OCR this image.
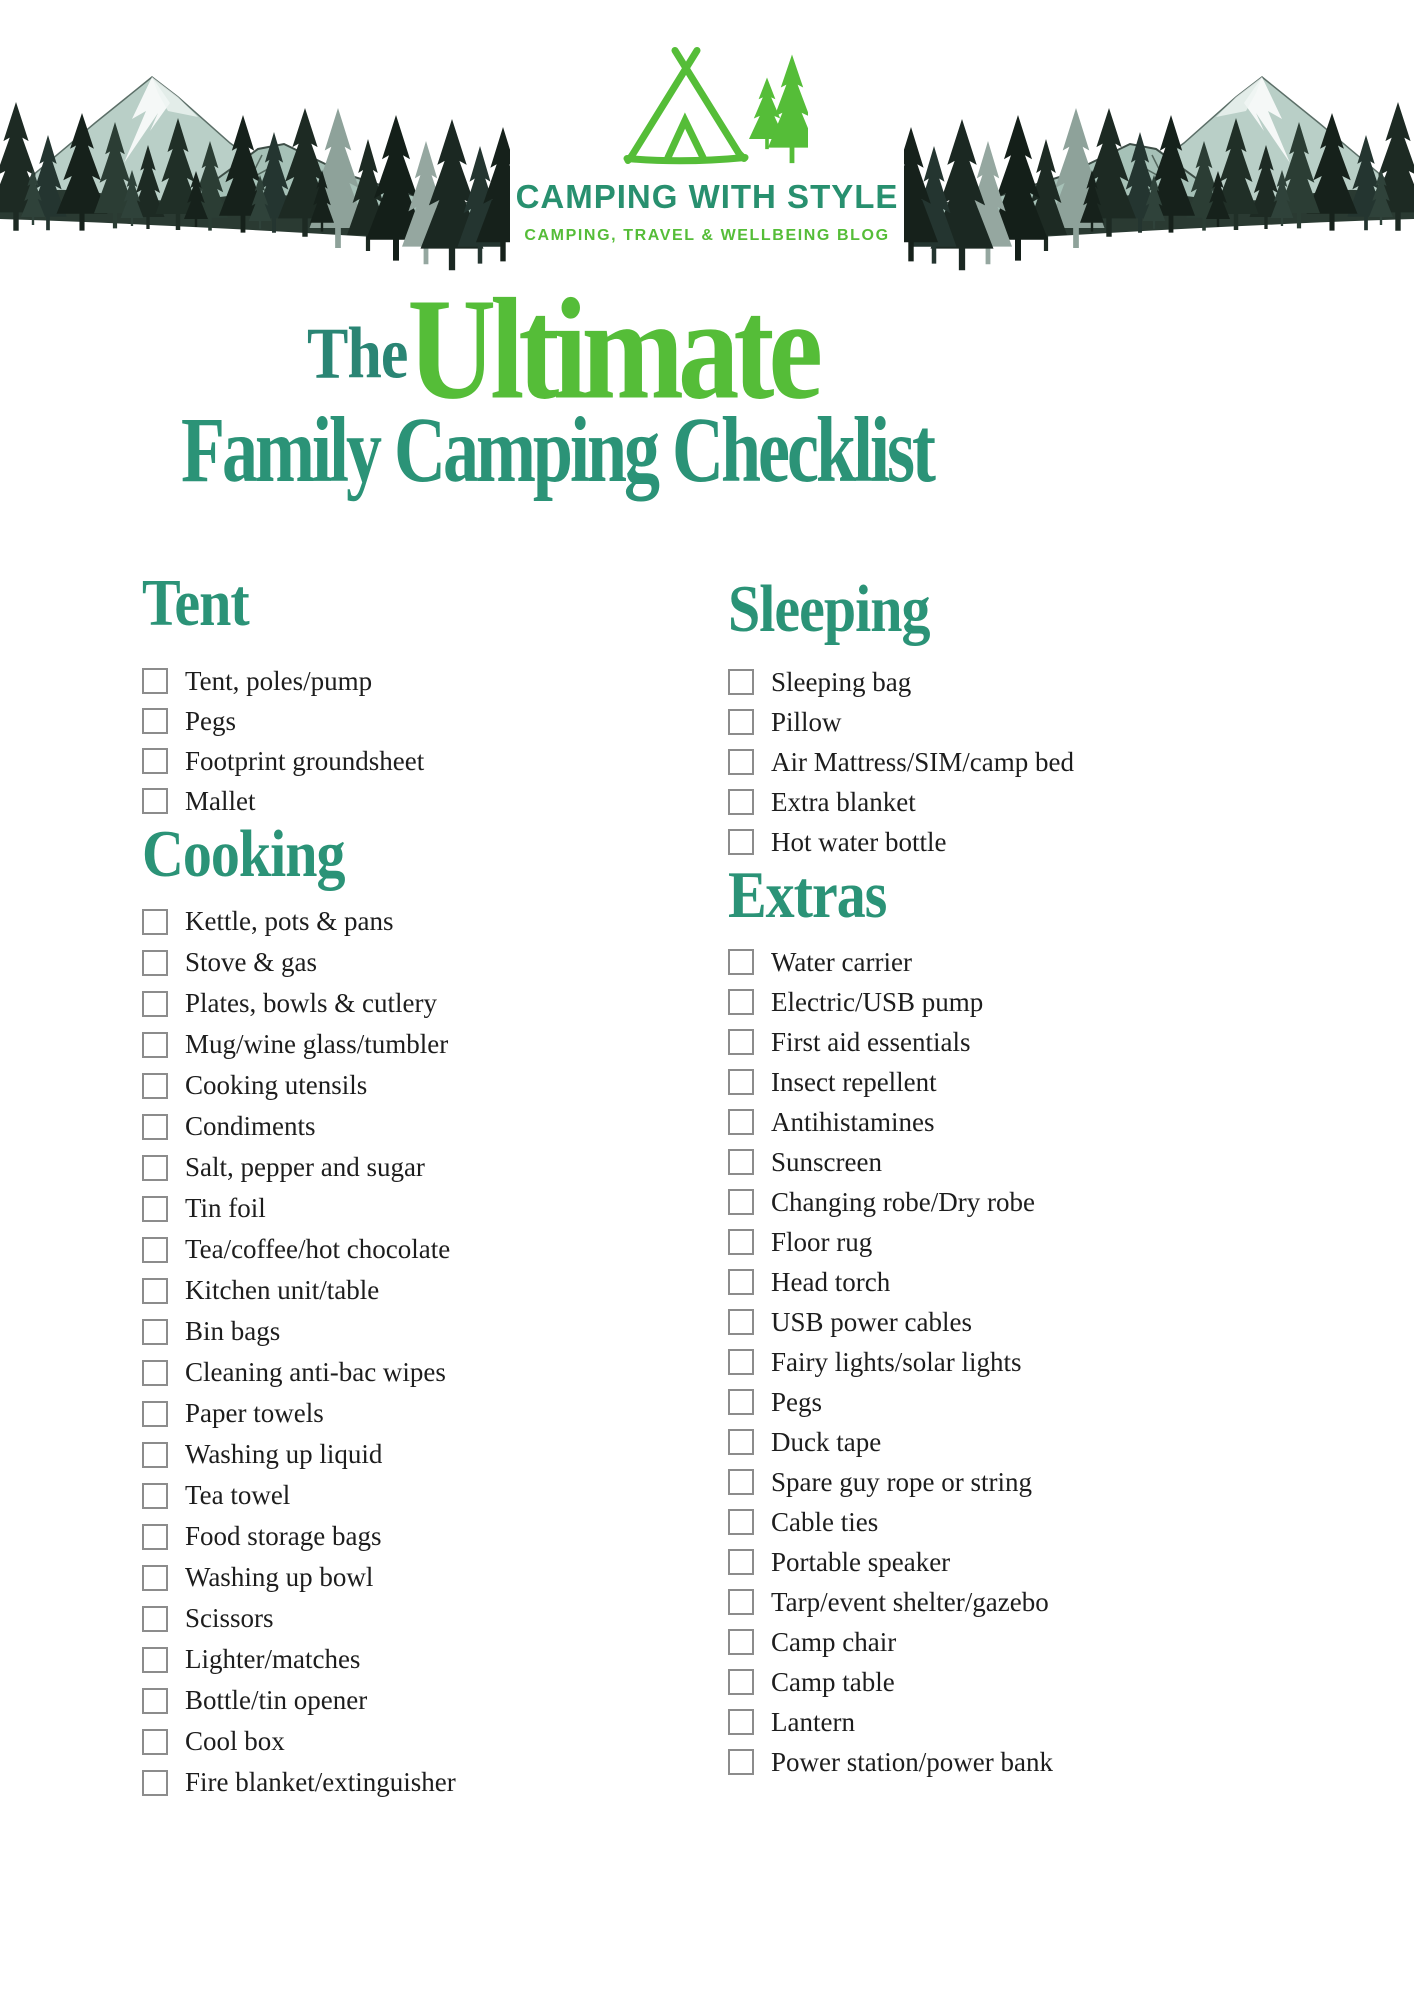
CAMPING WITH STYLE
CAMPING, TRAVEL & WELLBEING BLOG
TheUltimate
Family Camping Checklist
Tent
Tent, poles/pump
Pegs
Footprint groundsheet
Mallet
Cooking
Kettle, pots & pans
Stove & gas
Plates, bowls & cutlery
Mug/wine glass/tumbler
Cooking utensils
Condiments
Salt, pepper and sugar
Tin foil
Tea/coffee/hot chocolate
Kitchen unit/table
Bin bags
Cleaning anti-bac wipes
Paper towels
Washing up liquid
Tea towel
Food storage bags
Washing up bowl
Scissors
Lighter/matches
Bottle/tin opener
Cool box
Fire blanket/extinguisher
Sleeping
Sleeping bag
Pillow
Air Mattress/SIM/camp bed
Extra blanket
Hot water bottle
Extras
Water carrier
Electric/USB pump
First aid essentials
Insect repellent
Antihistamines
Sunscreen
Changing robe/Dry robe
Floor rug
Head torch
USB power cables
Fairy lights/solar lights
Pegs
Duck tape
Spare guy rope or string
Cable ties
Portable speaker
Tarp/event shelter/gazebo
Camp chair
Camp table
Lantern
Power station/power bank
